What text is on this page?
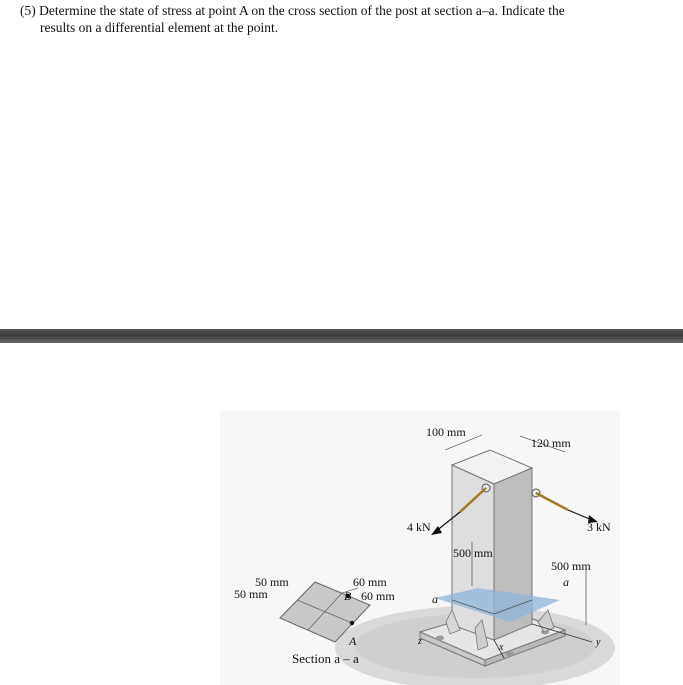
(5) Determine the state of stress at point A on the cross section of the post at section a–a. Indicate the
results on a differential element at the point.
100 mm
120 mm
4 kN	3 kN
500 mm
500 mm
a
a
50 mm
50 mm
60 mm
60 mm
B
A
Section a – a
z
x	y
